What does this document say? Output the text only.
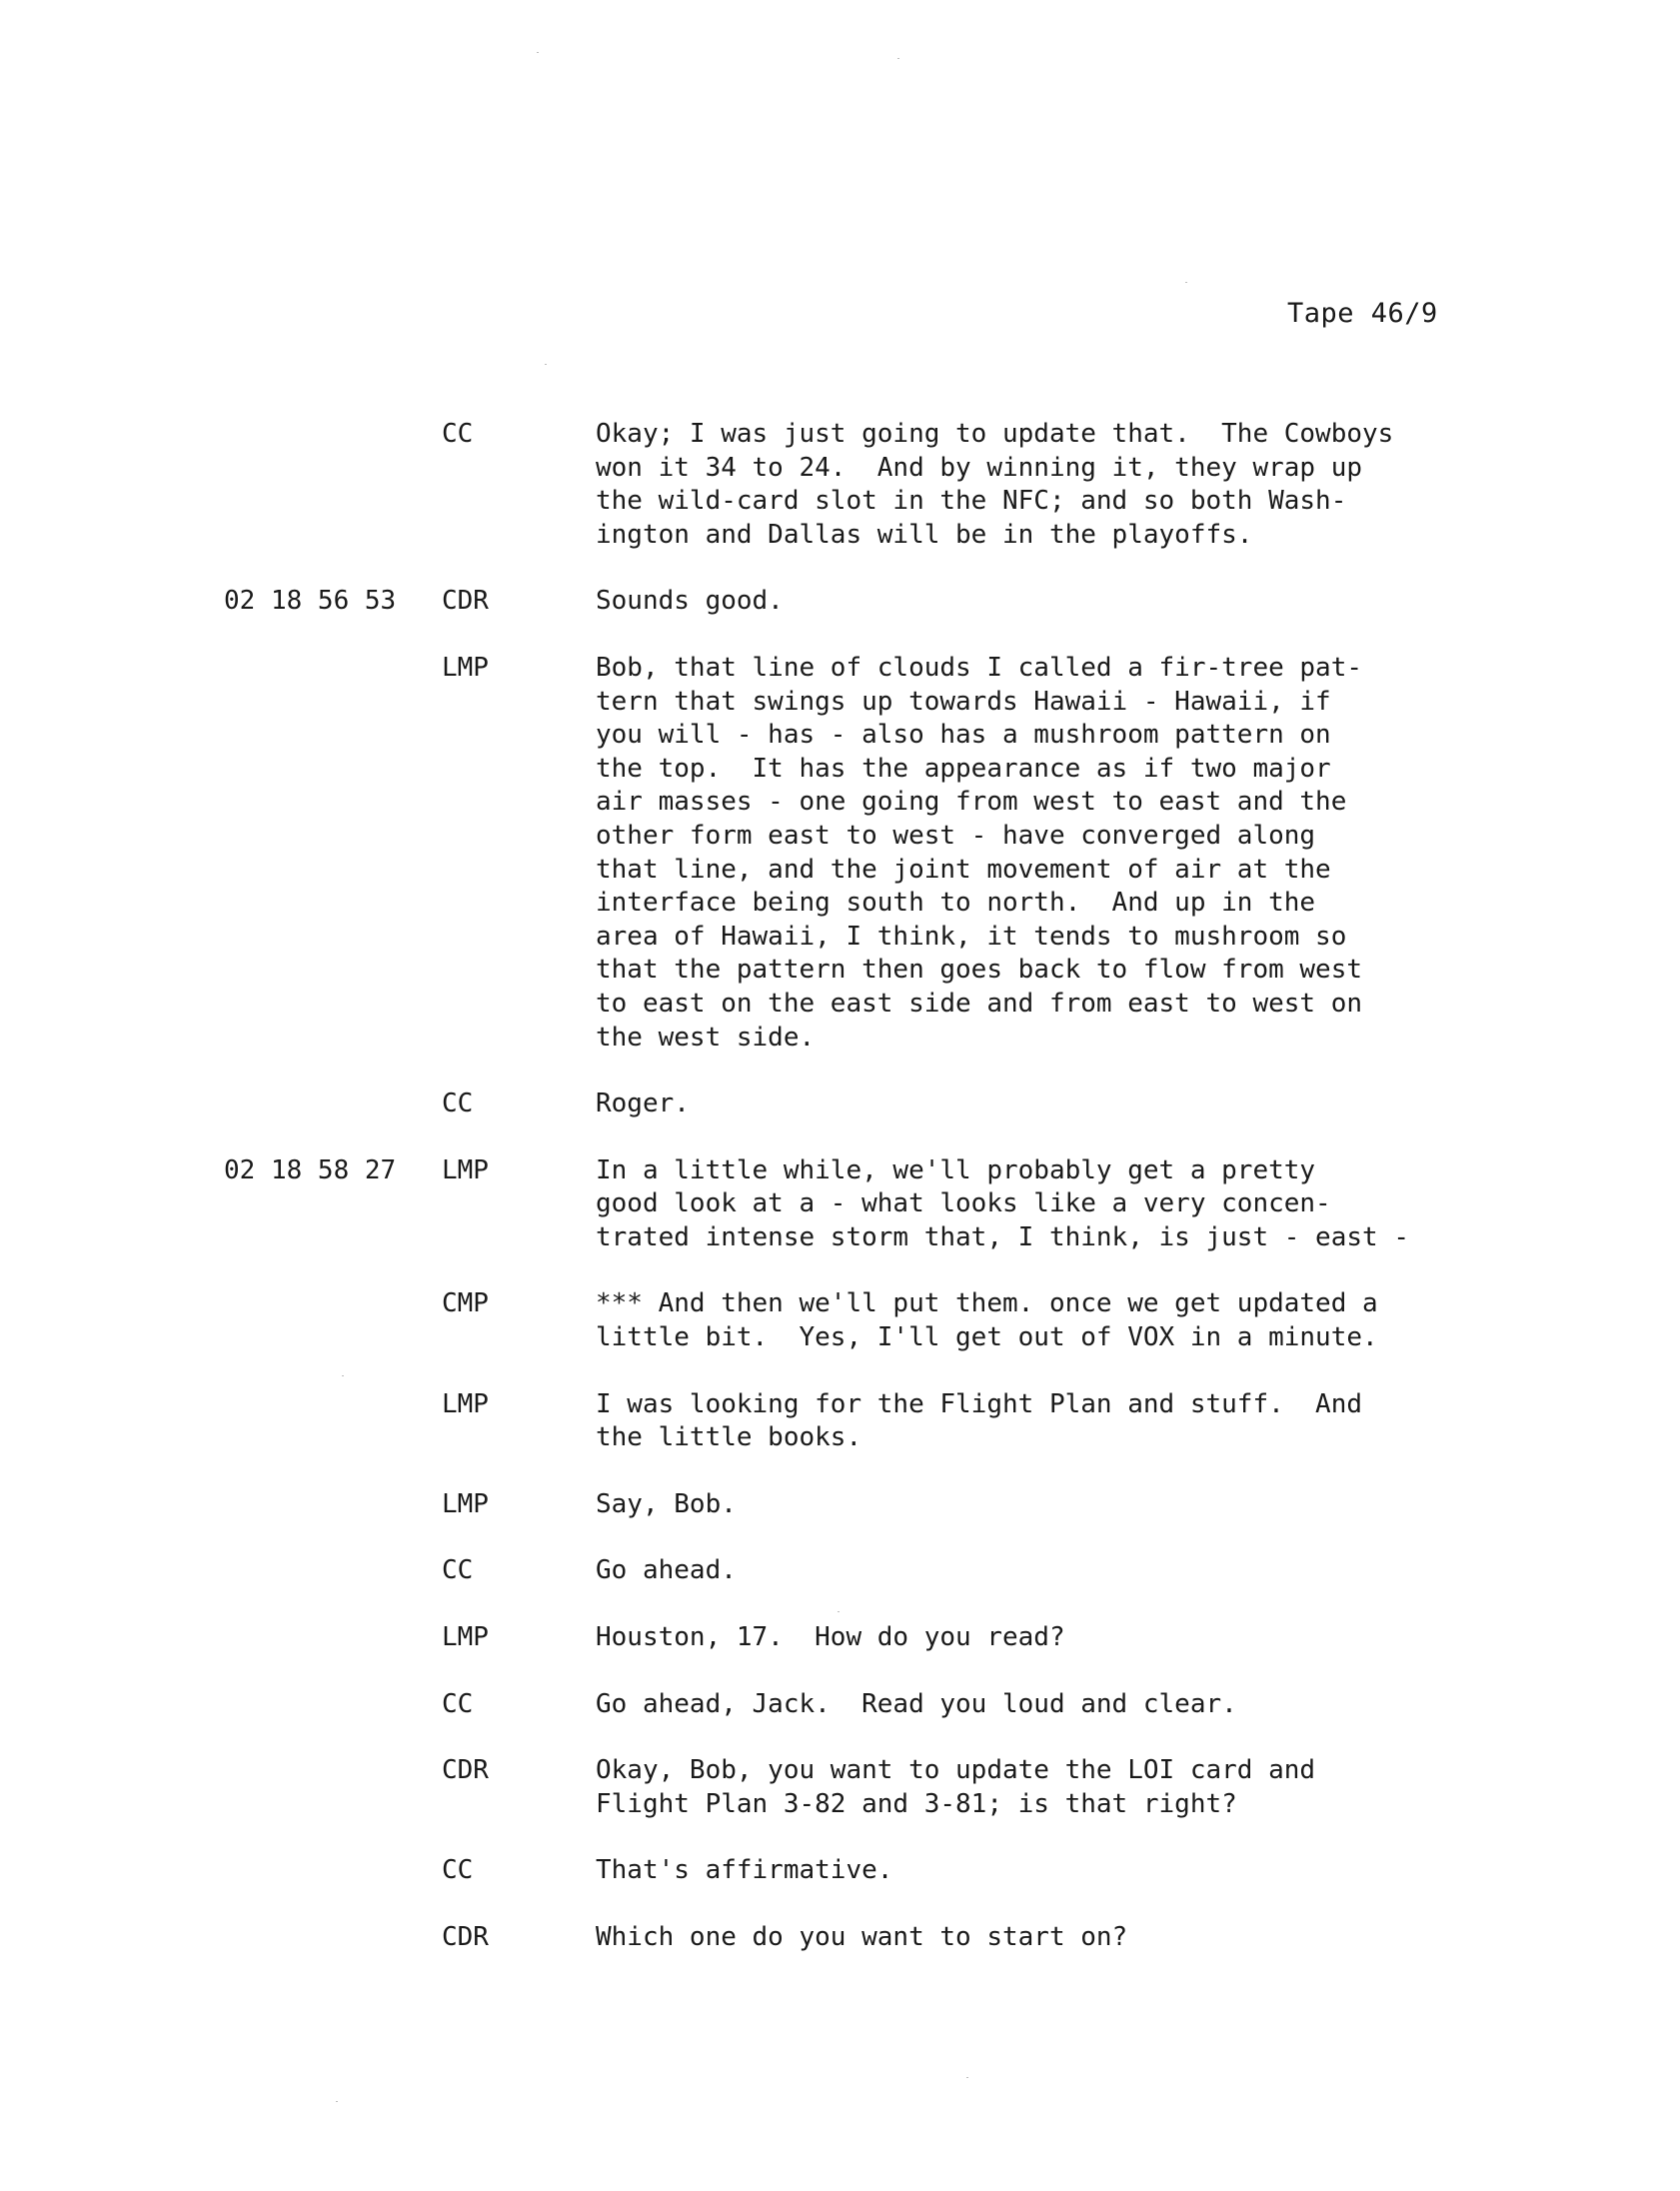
Tape 46/9
CC	Okay; I was just going to update that.  The Cowboys
won it 34 to 24.  And by winning it, they wrap up
the wild-card slot in the NFC; and so both Wash-
ington and Dallas will be in the playoffs.
02 18 56 53	CDR	Sounds good.
LMP	Bob, that line of clouds I called a fir-tree pat-
tern that swings up towards Hawaii - Hawaii, if
you will - has - also has a mushroom pattern on
the top.  It has the appearance as if two major
air masses - one going from west to east and the
other form east to west - have converged along
that line, and the joint movement of air at the
interface being south to north.  And up in the
area of Hawaii, I think, it tends to mushroom so
that the pattern then goes back to flow from west
to east on the east side and from east to west on
the west side.
CC	Roger.
02 18 58 27	LMP	In a little while, we'll probably get a pretty
good look at a - what looks like a very concen-
trated intense storm that, I think, is just - east -
CMP	*** And then we'll put them. once we get updated a
little bit.  Yes, I'll get out of VOX in a minute.
LMP	I was looking for the Flight Plan and stuff.  And
the little books.
LMP	Say, Bob.
CC	Go ahead.
LMP	Houston, 17.  How do you read?
CC	Go ahead, Jack.  Read you loud and clear.
CDR	Okay, Bob, you want to update the LOI card and
Flight Plan 3-82 and 3-81; is that right?
CC	That's affirmative.
CDR	Which one do you want to start on?
